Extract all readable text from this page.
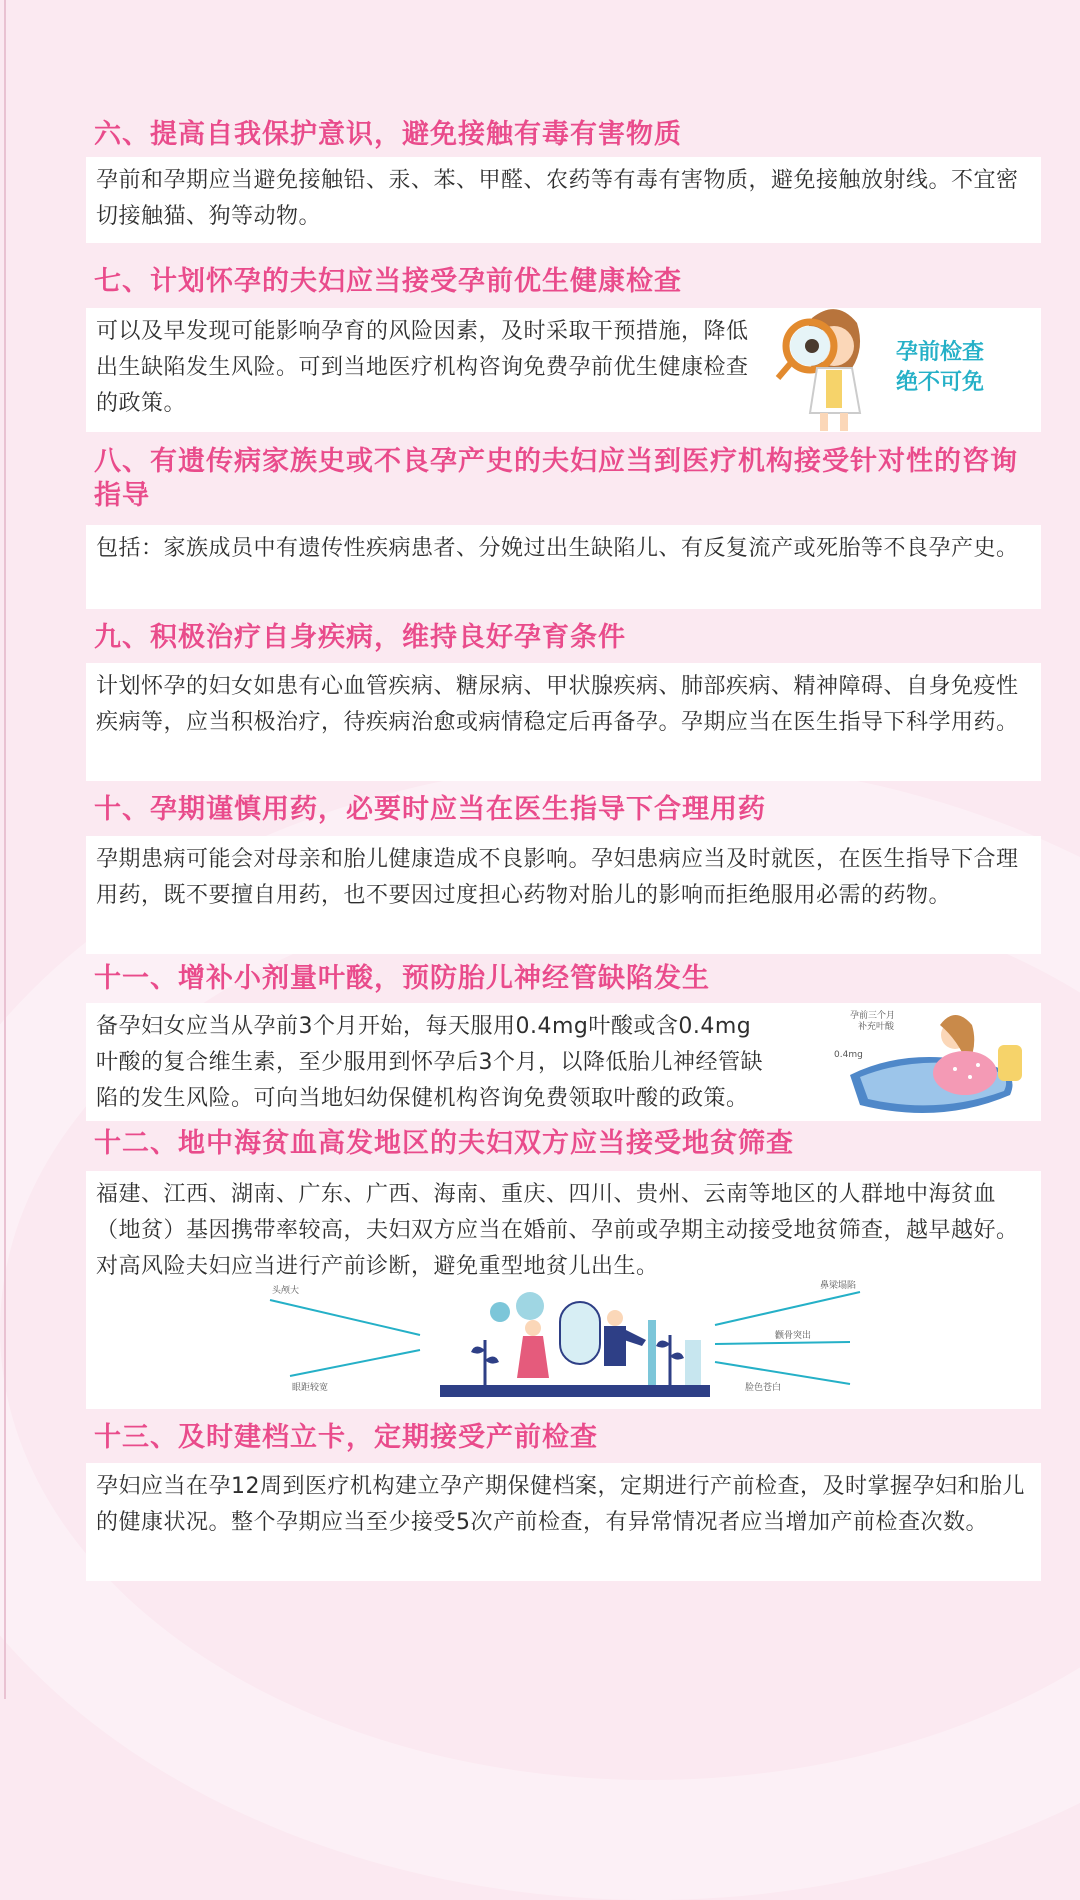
六、提高自我保护意识，避免接触有毒有害物质

孕前和孕期应当避免接触铅、汞、苯、甲醛、农药等有毒有害物质，避免接触放射线。不宜密切接触猫、狗等动物。

七、计划怀孕的夫妇应当接受孕前优生健康检查

可以及早发现可能影响孕育的风险因素，及时采取干预措施，降低出生缺陷发生风险。可到当地医疗机构咨询免费孕前优生健康检查的政策。

孕前检查
绝不可免
八、有遗传病家族史或不良孕产史的夫妇应当到医疗机构接受针对性的咨询指导

包括：家族成员中有遗传性疾病患者、分娩过出生缺陷儿、有反复流产或死胎等不良孕产史。

九、积极治疗自身疾病，维持良好孕育条件

计划怀孕的妇女如患有心血管疾病、糖尿病、甲状腺疾病、肺部疾病、精神障碍、自身免疫性疾病等，应当积极治疗，待疾病治愈或病情稳定后再备孕。孕期应当在医生指导下科学用药。

十、孕期谨慎用药，必要时应当在医生指导下合理用药

孕期患病可能会对母亲和胎儿健康造成不良影响。孕妇患病应当及时就医，在医生指导下合理用药，既不要擅自用药，也不要因过度担心药物对胎儿的影响而拒绝服用必需的药物。

十一、增补小剂量叶酸，预防胎儿神经管缺陷发生

备孕妇女应当从孕前3个月开始，每天服用0.4mg叶酸或含0.4mg叶酸的复合维生素，至少服用到怀孕后3个月，以降低胎儿神经管缺陷的发生风险。可向当地妇幼保健机构咨询免费领取叶酸的政策。

孕前三个月
补充叶酸
0.4mg
十二、地中海贫血高发地区的夫妇双方应当接受地贫筛查

福建、江西、湖南、广东、广西、海南、重庆、四川、贵州、云南等地区的人群地中海贫血（地贫）基因携带率较高，夫妇双方应当在婚前、孕前或孕期主动接受地贫筛查，越早越好。对高风险夫妇应当进行产前诊断，避免重型地贫儿出生。

头颅大
眼距较宽
鼻梁塌陷
颧骨突出
脸色苍白
十三、及时建档立卡，定期接受产前检查

孕妇应当在孕12周到医疗机构建立孕产期保健档案，定期进行产前检查，及时掌握孕妇和胎儿的健康状况。整个孕期应当至少接受5次产前检查，有异常情况者应当增加产前检查次数。
